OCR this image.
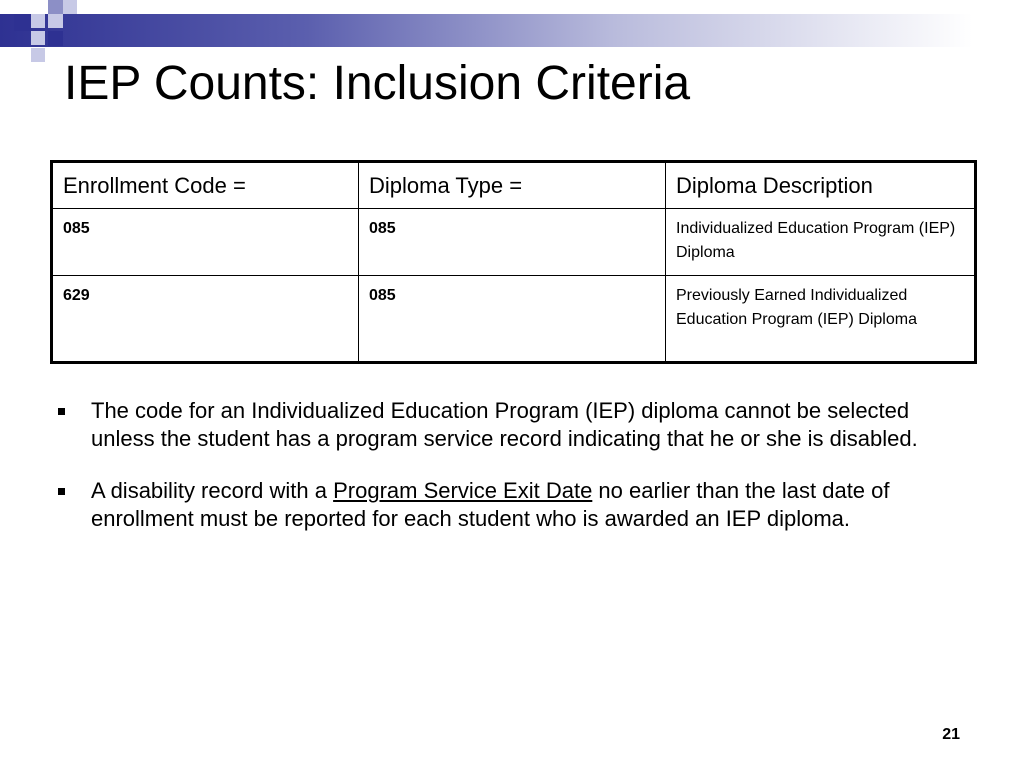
IEP Counts: Inclusion Criteria
Enrollment Code =	Diploma Type =	Diploma Description
085	085	Individualized Education Program (IEP) Diploma
629	085	Previously Earned Individualized Education Program (IEP) Diploma
The code for an Individualized Education Program (IEP) diploma cannot be selected unless the student has a program service record indicating that he or she is disabled.
A disability record with a Program Service Exit Date no earlier than the last date of enrollment must be reported for each student who is awarded an IEP diploma.
21
